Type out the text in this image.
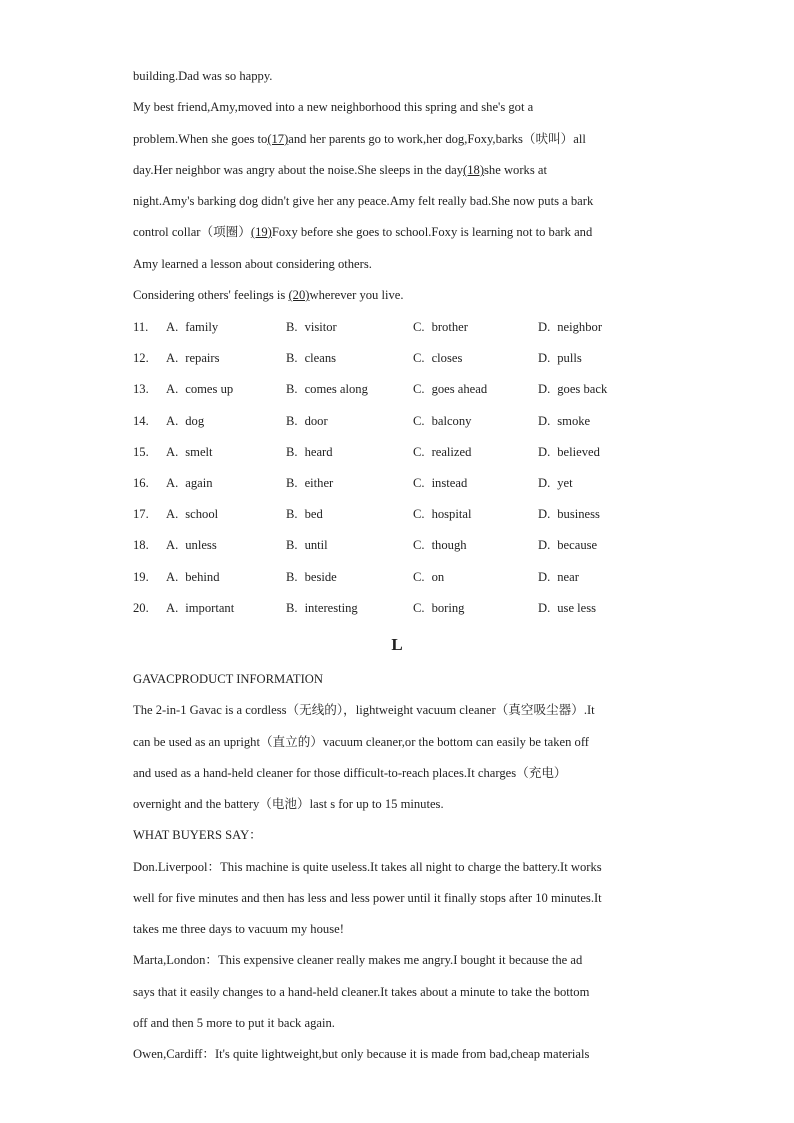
building.Dad was so happy.
My best friend,Amy,moved into a new neighborhood this spring and she's got a
problem.When she goes to(17)and her parents go to work,her dog,Foxy,barks（吠叫）all
day.Her neighbor was angry about the noise.She sleeps in the day(18)she works at
night.Amy's barking dog didn't give her any peace.Amy felt really bad.She now puts a bark
control collar（项圈）(19)Foxy before she goes to school.Foxy is learning not to bark and
Amy learned a lesson about considering others.
Considering others' feelings is (20)wherever you live.
11. A. family	B. visitor	C. brother	D. neighbor
12. A. repairs	B. cleans	C. closes	D. pulls
13. A. comes up	B. comes along	C. goes ahead	D. goes back
14. A. dog	B. door	C. balcony	D. smoke
15. A. smelt	B. heard	C. realized	D. believed
16. A. again	B. either	C. instead	D. yet
17. A. school	B. bed	C. hospital	D. business
18. A. unless	B. until	C. though	D. because
19. A. behind	B. beside	C. on	D. near
20. A. important	B. interesting	C. boring	D. use less
L
GAVACPRODUCT INFORMATION
The 2-in-1 Gavac is a cordless（无线的），lightweight vacuum cleaner（真空吸尘器）.It
can be used as an upright（直立的）vacuum cleaner,or the bottom can easily be taken off
and used as a hand-held cleaner for those difficult-to-reach places.It charges（充电）
overnight and the battery（电池）last s for up to 15 minutes.
WHAT BUYERS SAY：
Don.Liverpool：This machine is quite useless.It takes all night to charge the battery.It works
well for five minutes and then has less and less power until it finally stops after 10 minutes.It
takes me three days to vacuum my house!
Marta,London：This expensive cleaner really makes me angry.I bought it because the ad
says that it easily changes to a hand-held cleaner.It takes about a minute to take the bottom
off and then 5 more to put it back again.
Owen,Cardiff：It's quite lightweight,but only because it is made from bad,cheap materials
